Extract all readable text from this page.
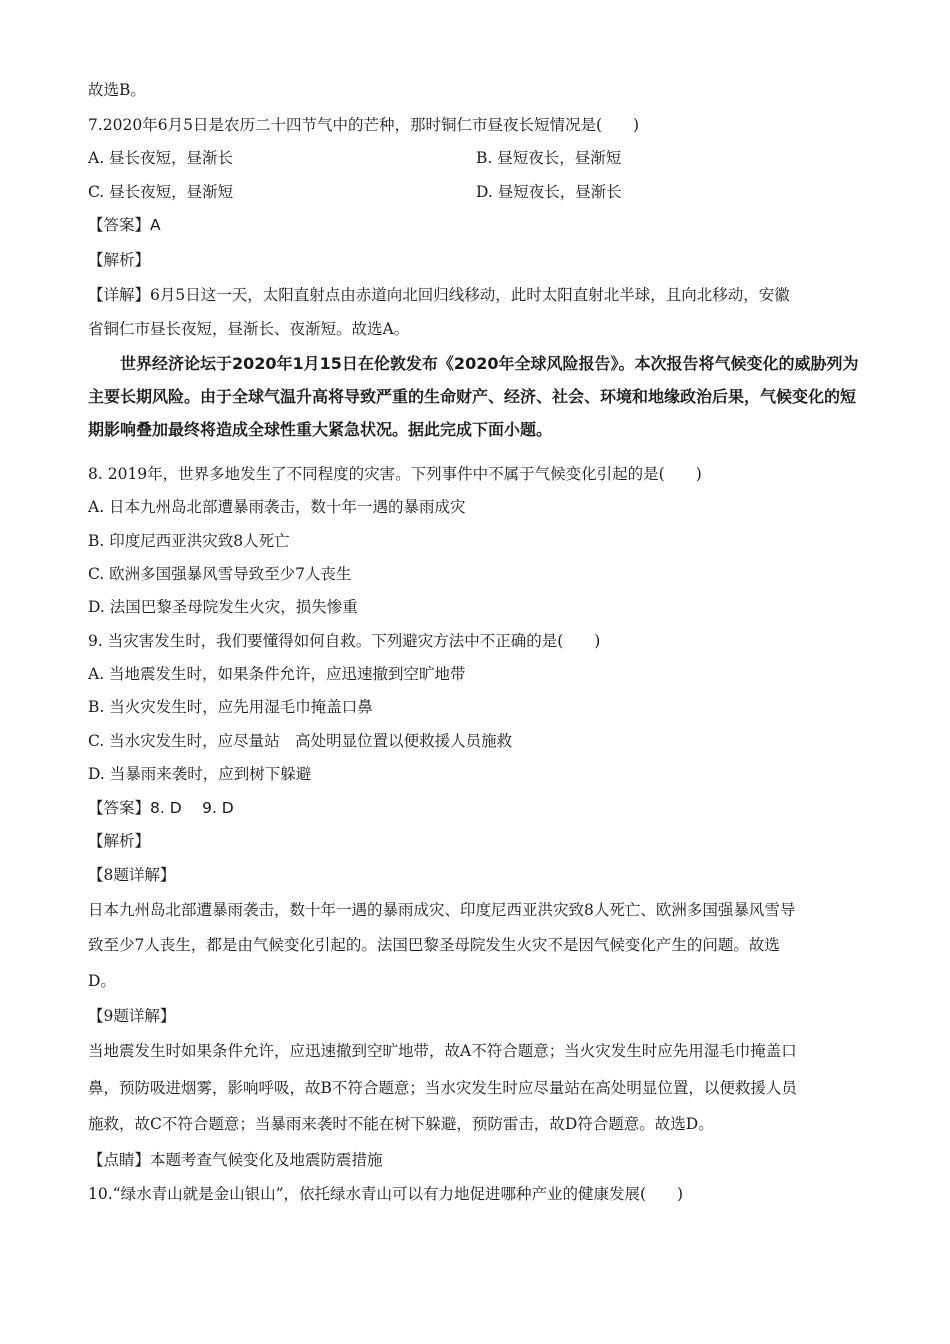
故选B。
7.2020年6月5日是农历二十四节气中的芒种，那时铜仁市昼夜长短情况是(　　)
A. 昼长夜短，昼渐长	B. 昼短夜长，昼渐短
C. 昼长夜短，昼渐短	D. 昼短夜长，昼渐长
【答案】A
【解析】
【详解】6月5日这一天，太阳直射点由赤道向北回归线移动，此时太阳直射北半球，且向北移动，安徽
省铜仁市昼长夜短，昼渐长、夜渐短。故选A。
世界经济论坛于2020年1月15日在伦敦发布《2020年全球风险报告》。本次报告将气候变化的威胁列为主要长期风险。由于全球气温升高将导致严重的生命财产、经济、社会、环境和地缘政治后果，气候变化的短期影响叠加最终将造成全球性重大紧急状况。据此完成下面小题。
8. 2019年，世界多地发生了不同程度的灾害。下列事件中不属于气候变化引起的是(　　)
A. 日本九州岛北部遭暴雨袭击，数十年一遇的暴雨成灾
B. 印度尼西亚洪灾致8人死亡
C. 欧洲多国强暴风雪导致至少7人丧生
D. 法国巴黎圣母院发生火灾，损失惨重
9. 当灾害发生时，我们要懂得如何自救。下列避灾方法中不正确的是(　　)
A. 当地震发生时，如果条件允许，应迅速撤到空旷地带
B. 当火灾发生时，应先用湿毛巾掩盖口鼻
C. 当水灾发生时，应尽量站　高处明显位置以便救援人员施救
D. 当暴雨来袭时，应到树下躲避
【答案】8. D　 9. D
【解析】
【8题详解】
日本九州岛北部遭暴雨袭击，数十年一遇的暴雨成灾、印度尼西亚洪灾致8人死亡、欧洲多国强暴风雪导
致至少7人丧生，都是由气候变化引起的。法国巴黎圣母院发生火灾不是因气候变化产生的问题。故选
D。
【9题详解】
当地震发生时如果条件允许，应迅速撤到空旷地带，故A不符合题意；当火灾发生时应先用湿毛巾掩盖口
鼻，预防吸进烟雾，影响呼吸，故B不符合题意；当水灾发生时应尽量站在高处明显位置，以便救援人员
施救，故C不符合题意；当暴雨来袭时不能在树下躲避，预防雷击，故D符合题意。故选D。
【点睛】本题考查气候变化及地震防震措施
10.“绿水青山就是金山银山”，依托绿水青山可以有力地促进哪种产业的健康发展(　　)
